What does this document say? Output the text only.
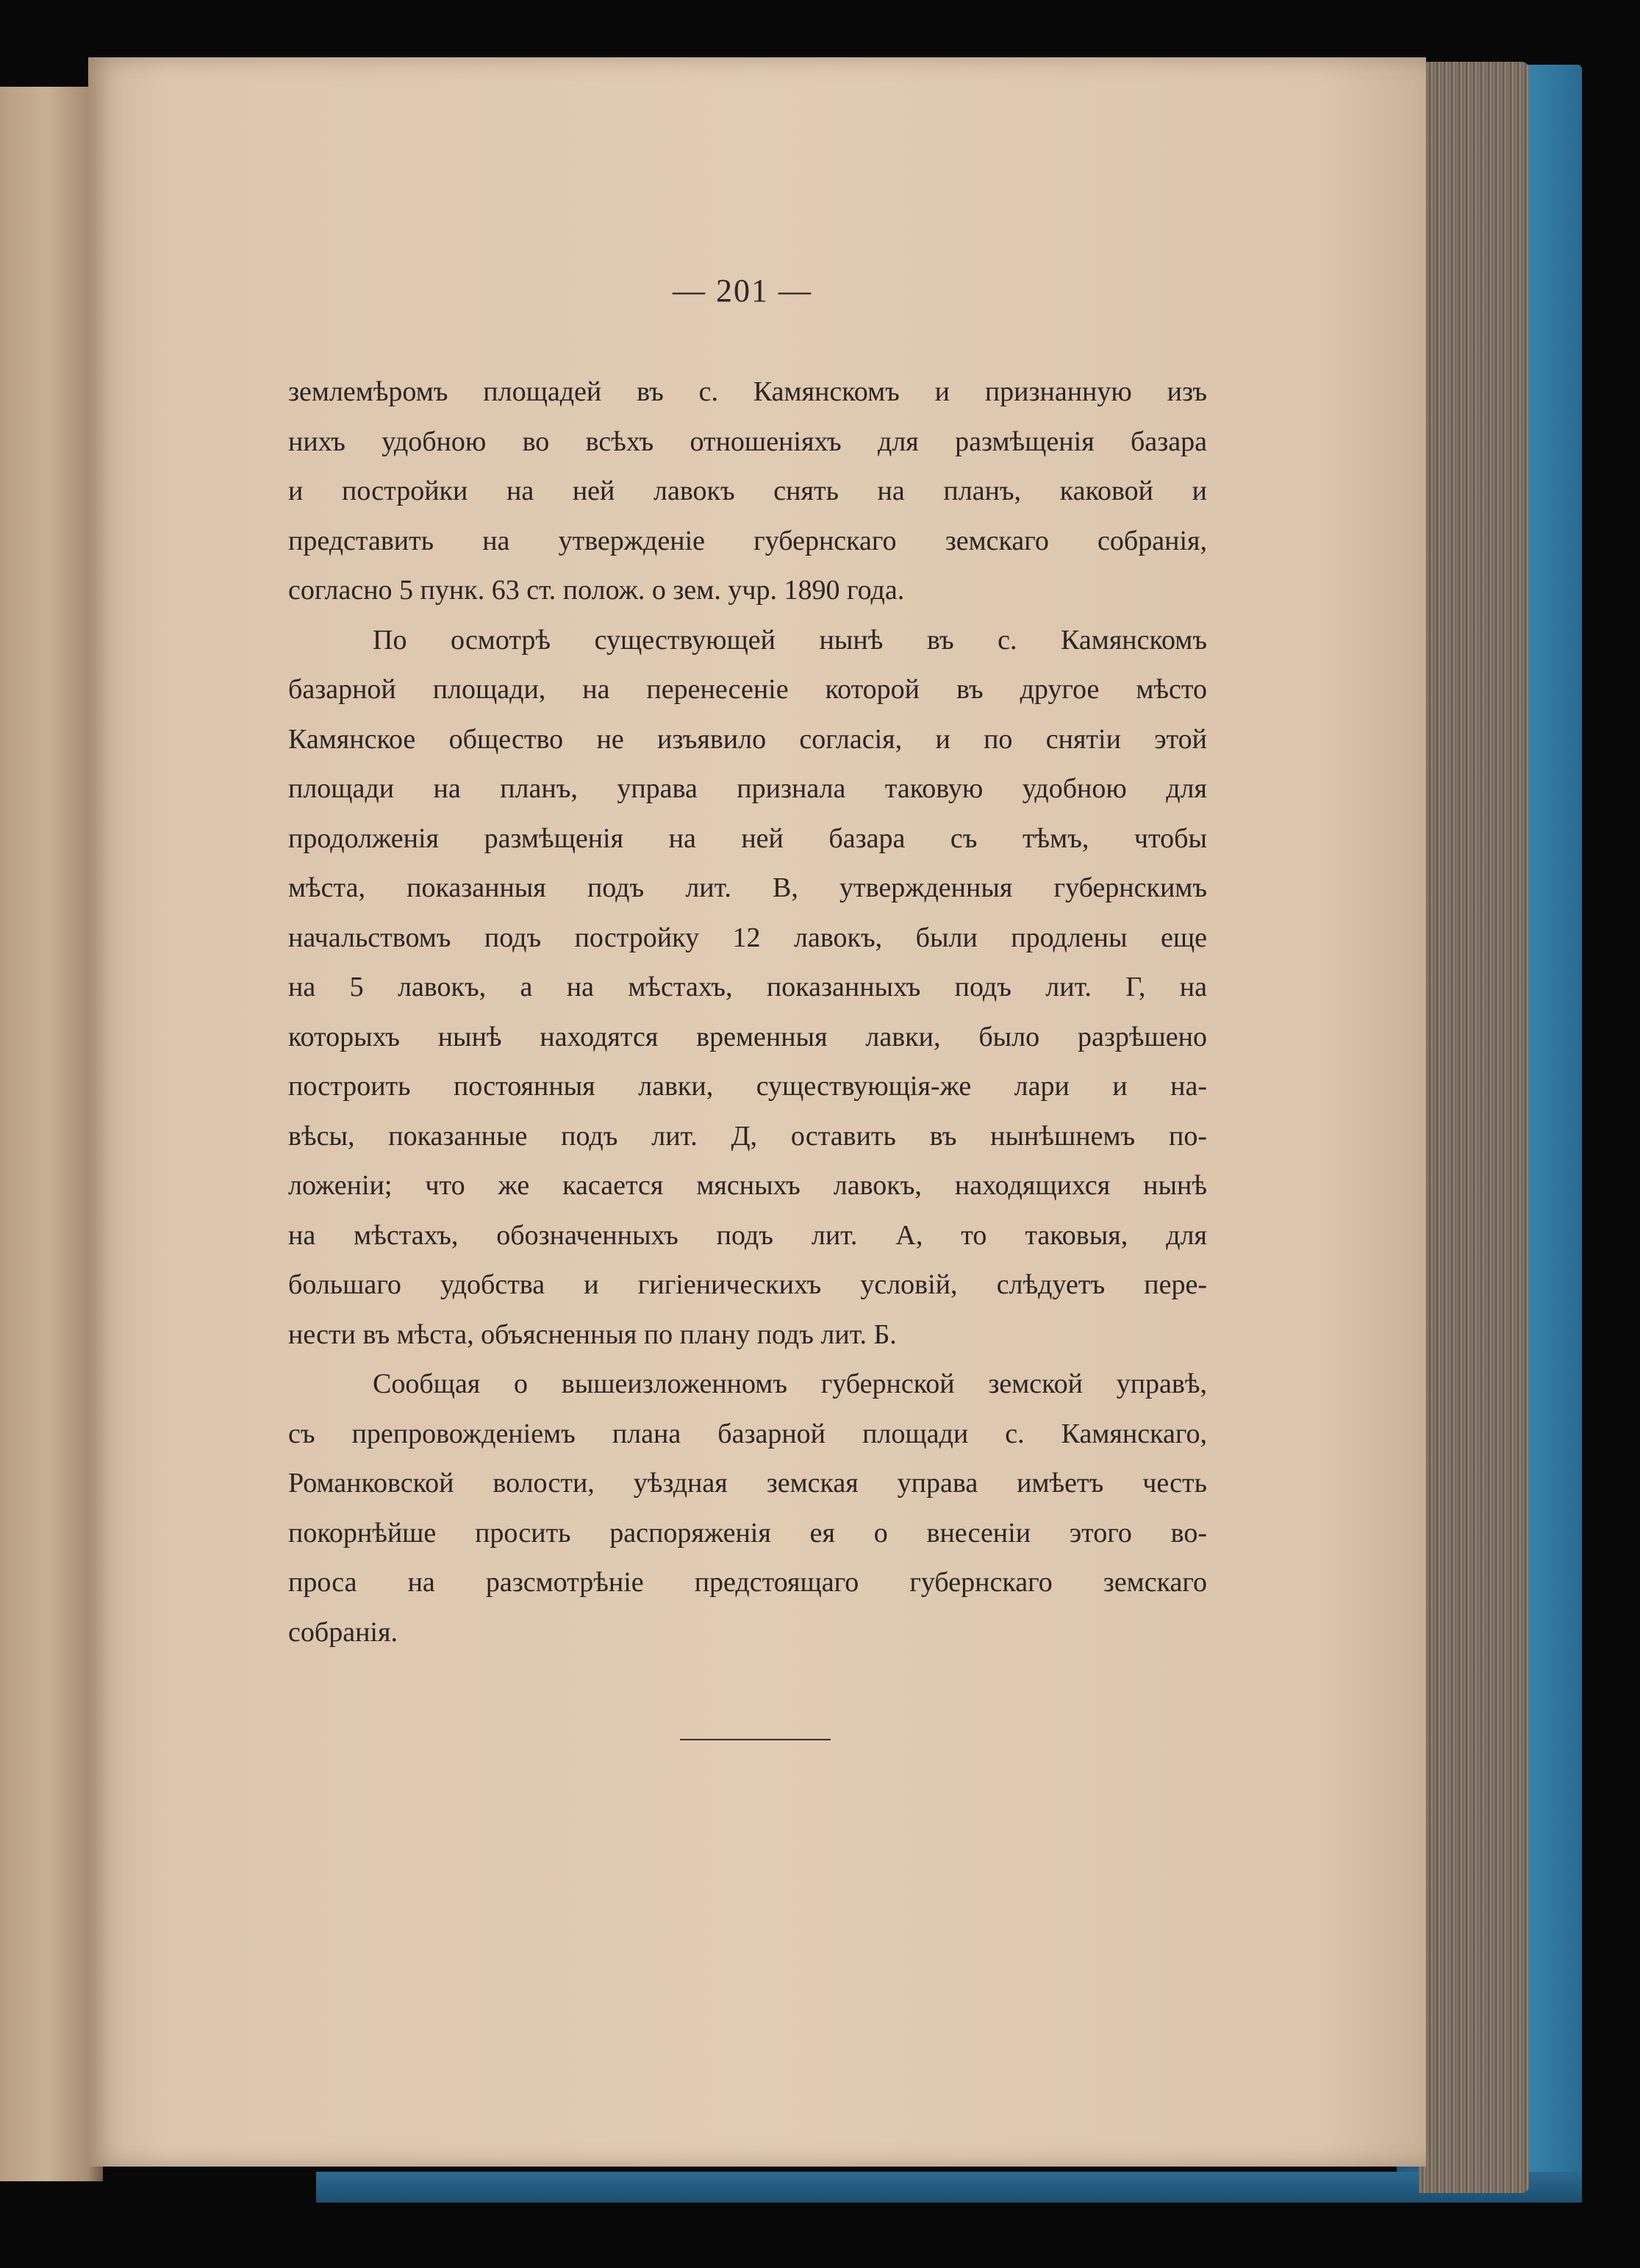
— 201 —
землемѣромъ площадей въ с. Камянскомъ и признанную изъ
нихъ удобною во всѣхъ отношеніяхъ для размѣщенія базара
и постройки на ней лавокъ снять на планъ, каковой и
представить на утвержденіе губернскаго земскаго собранія,
согласно 5 пунк. 63 ст. полож. о зем. учр. 1890 года.
По осмотрѣ существующей нынѣ въ с. Камянскомъ
базарной площади, на перенесеніе которой въ другое мѣсто
Камянское общество не изъявило согласія, и по снятіи этой
площади на планъ, управа признала таковую удобною для
продолженія размѣщенія на ней базара съ тѣмъ, чтобы
мѣста, показанныя подъ лит. В, утвержденныя губернскимъ
начальствомъ подъ постройку 12 лавокъ, были продлены еще
на 5 лавокъ, а на мѣстахъ, показанныхъ подъ лит. Г, на
которыхъ нынѣ находятся временныя лавки, было разрѣшено
построить постоянныя лавки, существующія-же лари и на-
вѣсы, показанные подъ лит. Д, оставить въ нынѣшнемъ по-
ложеніи; что же касается мясныхъ лавокъ, находящихся нынѣ
на мѣстахъ, обозначенныхъ подъ лит. А, то таковыя, для
большаго удобства и гигіеническихъ условій, слѣдуетъ пере-
нести въ мѣста, объясненныя по плану подъ лит. Б.
Сообщая о вышеизложенномъ губернской земской управѣ,
съ препровожденіемъ плана базарной площади с. Камянскаго,
Романковской волости, уѣздная земская управа имѣетъ честь
покорнѣйше просить распоряженія ея о внесеніи этого во-
проса на разсмотрѣніе предстоящаго губернскаго земскаго
собранія.
